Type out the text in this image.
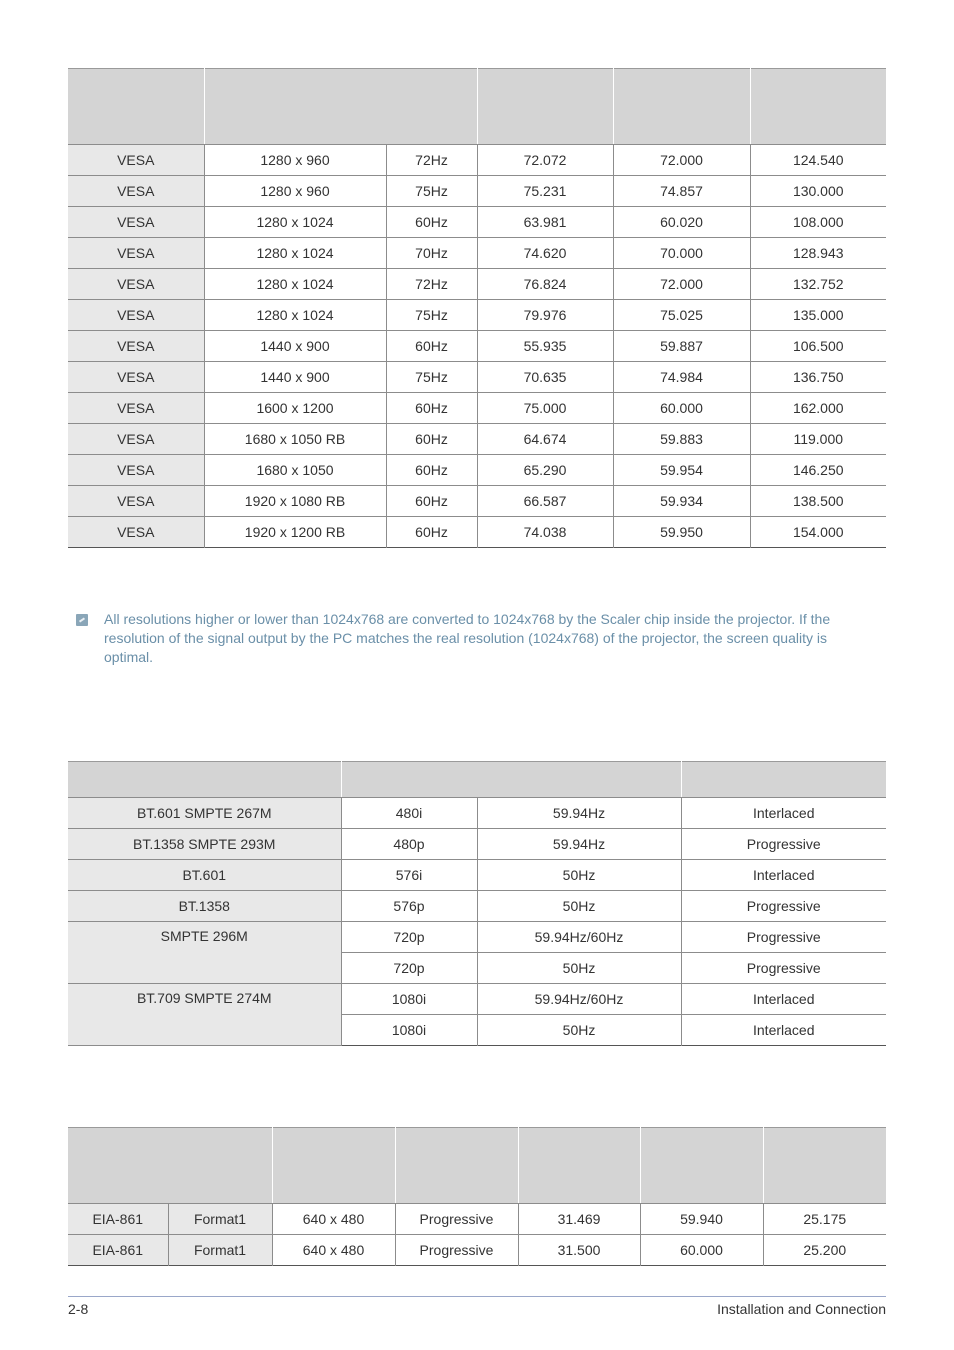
VESA	1280 x 960	72Hz	72.072	72.000	124.540
VESA	1280 x 960	75Hz	75.231	74.857	130.000
VESA	1280 x 1024	60Hz	63.981	60.020	108.000
VESA	1280 x 1024	70Hz	74.620	70.000	128.943
VESA	1280 x 1024	72Hz	76.824	72.000	132.752
VESA	1280 x 1024	75Hz	79.976	75.025	135.000
VESA	1440 x 900	60Hz	55.935	59.887	106.500
VESA	1440 x 900	75Hz	70.635	74.984	136.750
VESA	1600 x 1200	60Hz	75.000	60.000	162.000
VESA	1680 x 1050 RB	60Hz	64.674	59.883	119.000
VESA	1680 x 1050	60Hz	65.290	59.954	146.250
VESA	1920 x 1080 RB	60Hz	66.587	59.934	138.500
VESA	1920 x 1200 RB	60Hz	74.038	59.950	154.000

All resolutions higher or lower than 1024x768 are converted to 1024x768 by the Scaler chip inside the projector. If the resolution of the signal output by the PC matches the real resolution (1024x768) of the projector, the screen quality is optimal.

BT.601 SMPTE 267M	480i	59.94Hz	Interlaced
BT.1358 SMPTE 293M	480p	59.94Hz	Progressive
BT.601	576i	50Hz	Interlaced
BT.1358	576p	50Hz	Progressive
SMPTE 296M	720p	59.94Hz/60Hz	Progressive
	720p	50Hz	Progressive
BT.709 SMPTE 274M	1080i	59.94Hz/60Hz	Interlaced
	1080i	50Hz	Interlaced

EIA-861	Format1	640 x 480	Progressive	31.469	59.940	25.175
EIA-861	Format1	640 x 480	Progressive	31.500	60.000	25.200
2-8	Installation and Connection
